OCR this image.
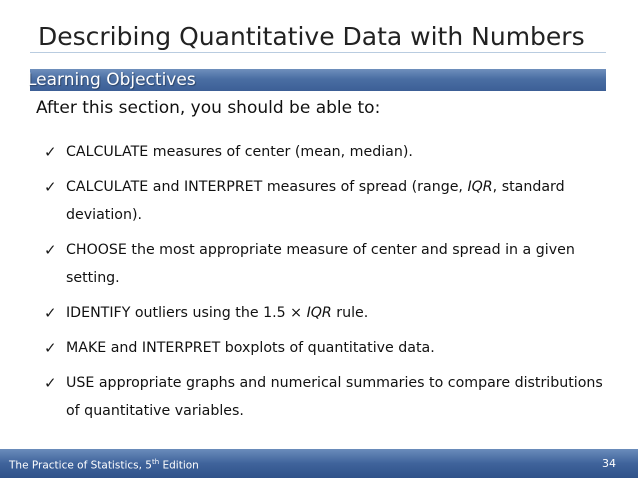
Describing Quantitative Data with Numbers
Learning Objectives
After this section, you should be able to:
✓ CALCULATE measures of center (mean, median).
✓ CALCULATE and INTERPRET measures of spread (range, IQR, standard deviation).
✓ CHOOSE the most appropriate measure of center and spread in a given setting.
✓ IDENTIFY outliers using the 1.5 × IQR rule.
✓ MAKE and INTERPRET boxplots of quantitative data.
✓ USE appropriate graphs and numerical summaries to compare distributions of quantitative variables.
The Practice of Statistics, 5th Edition	34
